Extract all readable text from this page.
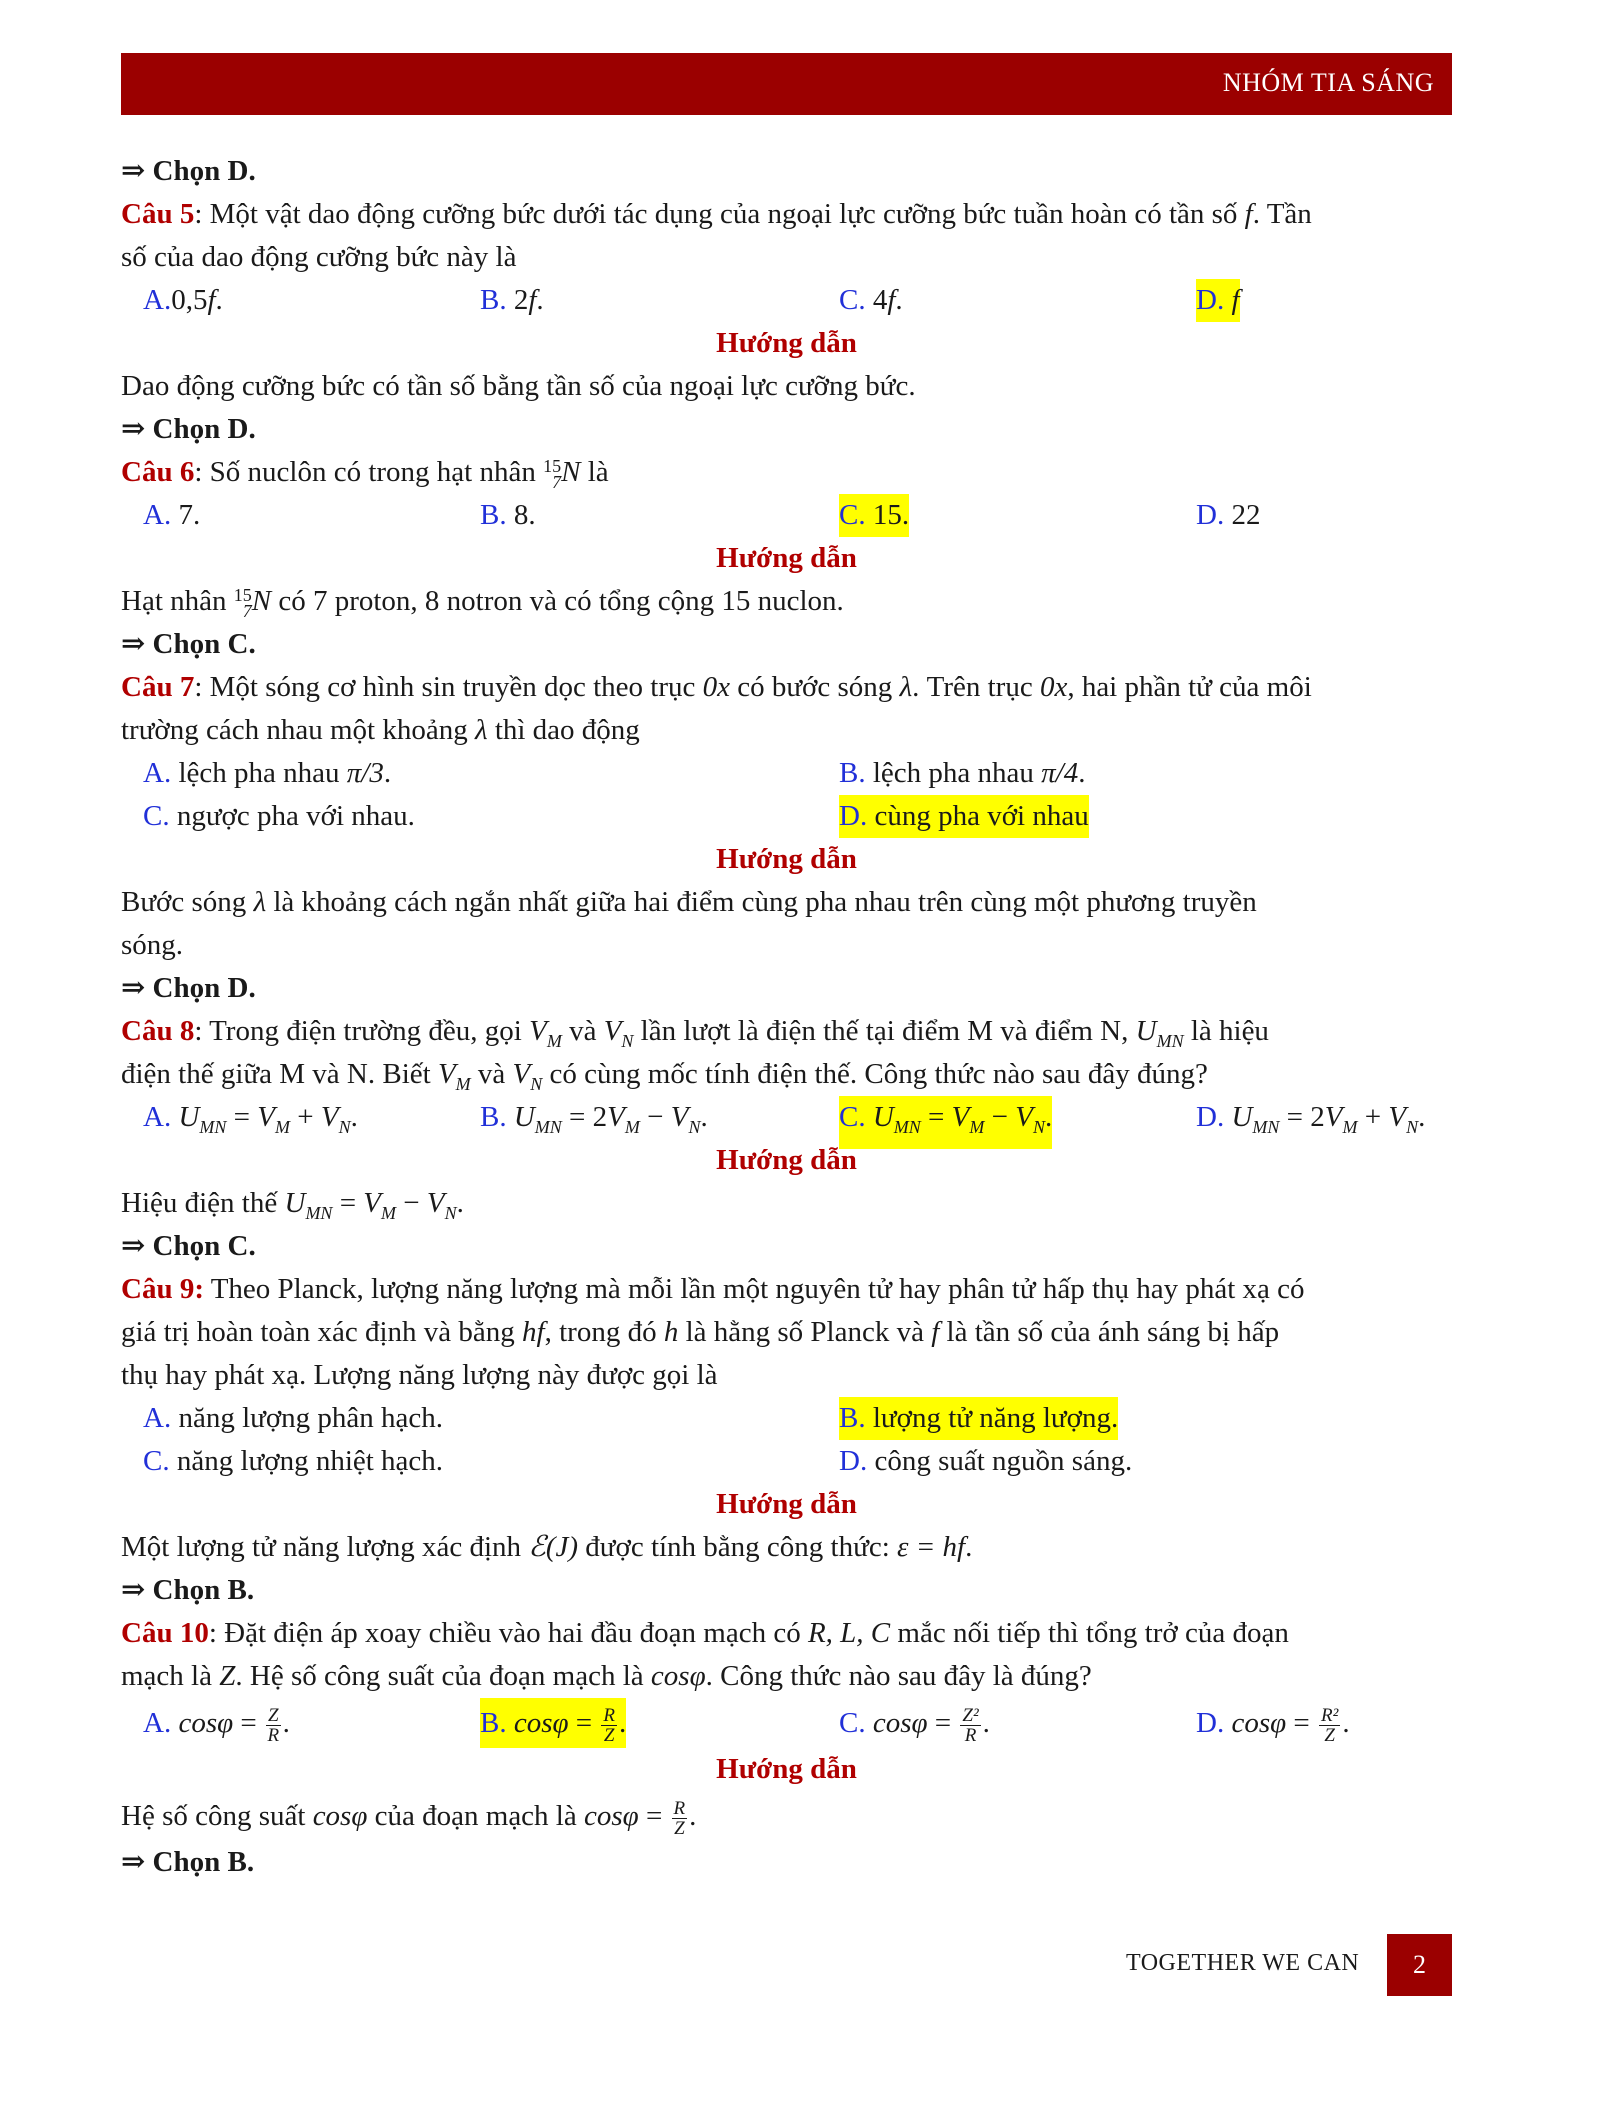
NHÓM TIA SÁNG
⇒ Chọn D.
Câu 5: Một vật dao động cưỡng bức dưới tác dụng của ngoại lực cưỡng bức tuần hoàn có tần số f. Tần
số của dao động cưỡng bức này là
A.0,5f.	B. 2f.	C. 4f.	D. f
Hướng dẫn
Dao động cưỡng bức có tần số bằng tần số của ngoại lực cưỡng bức.
⇒ Chọn D.
Câu 6: Số nuclôn có trong hạt nhân 15
7 N là
A. 7.	B. 8.	C. 15.	D. 22
Hướng dẫn
Hạt nhân 15
7 N có 7 proton, 8 notron và có tổng cộng 15 nuclon.
⇒ Chọn C.
Câu 7: Một sóng cơ hình sin truyền dọc theo trục 0x có bước sóng λ. Trên trục 0x, hai phần tử của môi
trường cách nhau một khoảng λ thì dao động
A. lệch pha nhau π/3.	B. lệch pha nhau π/4.
C. ngược pha với nhau.	D. cùng pha với nhau
Hướng dẫn
Bước sóng λ là khoảng cách ngắn nhất giữa hai điểm cùng pha nhau trên cùng một phương truyền
sóng.
⇒ Chọn D.
Câu 8: Trong điện trường đều, gọi $V_M$ và $V_N$ lần lượt là điện thế tại điểm M và điểm N, $U_{MN}$ là hiệu
điện thế giữa M và N. Biết $V_M$ và $V_N$ có cùng mốc tính điện thế. Công thức nào sau đây đúng?
A. $U_{MN} = V_M + V_N$.	B. $U_{MN} = 2V_M - V_N$.	C. $U_{MN} = V_M - V_N$.	D. $U_{MN} = 2V_M + V_N$.
Hướng dẫn
Hiệu điện thế $U_{MN} = V_M - V_N$.
⇒ Chọn C.
Câu 9: Theo Planck, lượng năng lượng mà mỗi lần một nguyên tử hay phân tử hấp thụ hay phát xạ có
giá trị hoàn toàn xác định và bằng hf, trong đó h là hằng số Planck và f là tần số của ánh sáng bị hấp
thụ hay phát xạ. Lượng năng lượng này được gọi là
A. năng lượng phân hạch.	B. lượng tử năng lượng.
C. năng lượng nhiệt hạch.	D. công suất nguồn sáng.
Hướng dẫn
Một lượng tử năng lượng xác định ℰ(J) được tính bằng công thức: ε = hf.
⇒ Chọn B.
Câu 10: Đặt điện áp xoay chiều vào hai đầu đoạn mạch có R, L, C mắc nối tiếp thì tổng trở của đoạn
mạch là Z. Hệ số công suất của đoạn mạch là cosφ. Công thức nào sau đây là đúng?
A. $\cos\varphi = \frac{Z}{R}$ .	B. $\cos\varphi = \frac{R}{Z}$ .	C. $\cos\varphi = \frac{\text{Z²}}{R}$ .	D. $\cos\varphi = \frac{\text{R²}}{Z}$ .
Hướng dẫn
Hệ số công suất cosφ của đoạn mạch là $\cos\varphi = \frac{R}{Z}$ .
⇒ Chọn B.
TOGETHER WE CAN	2
